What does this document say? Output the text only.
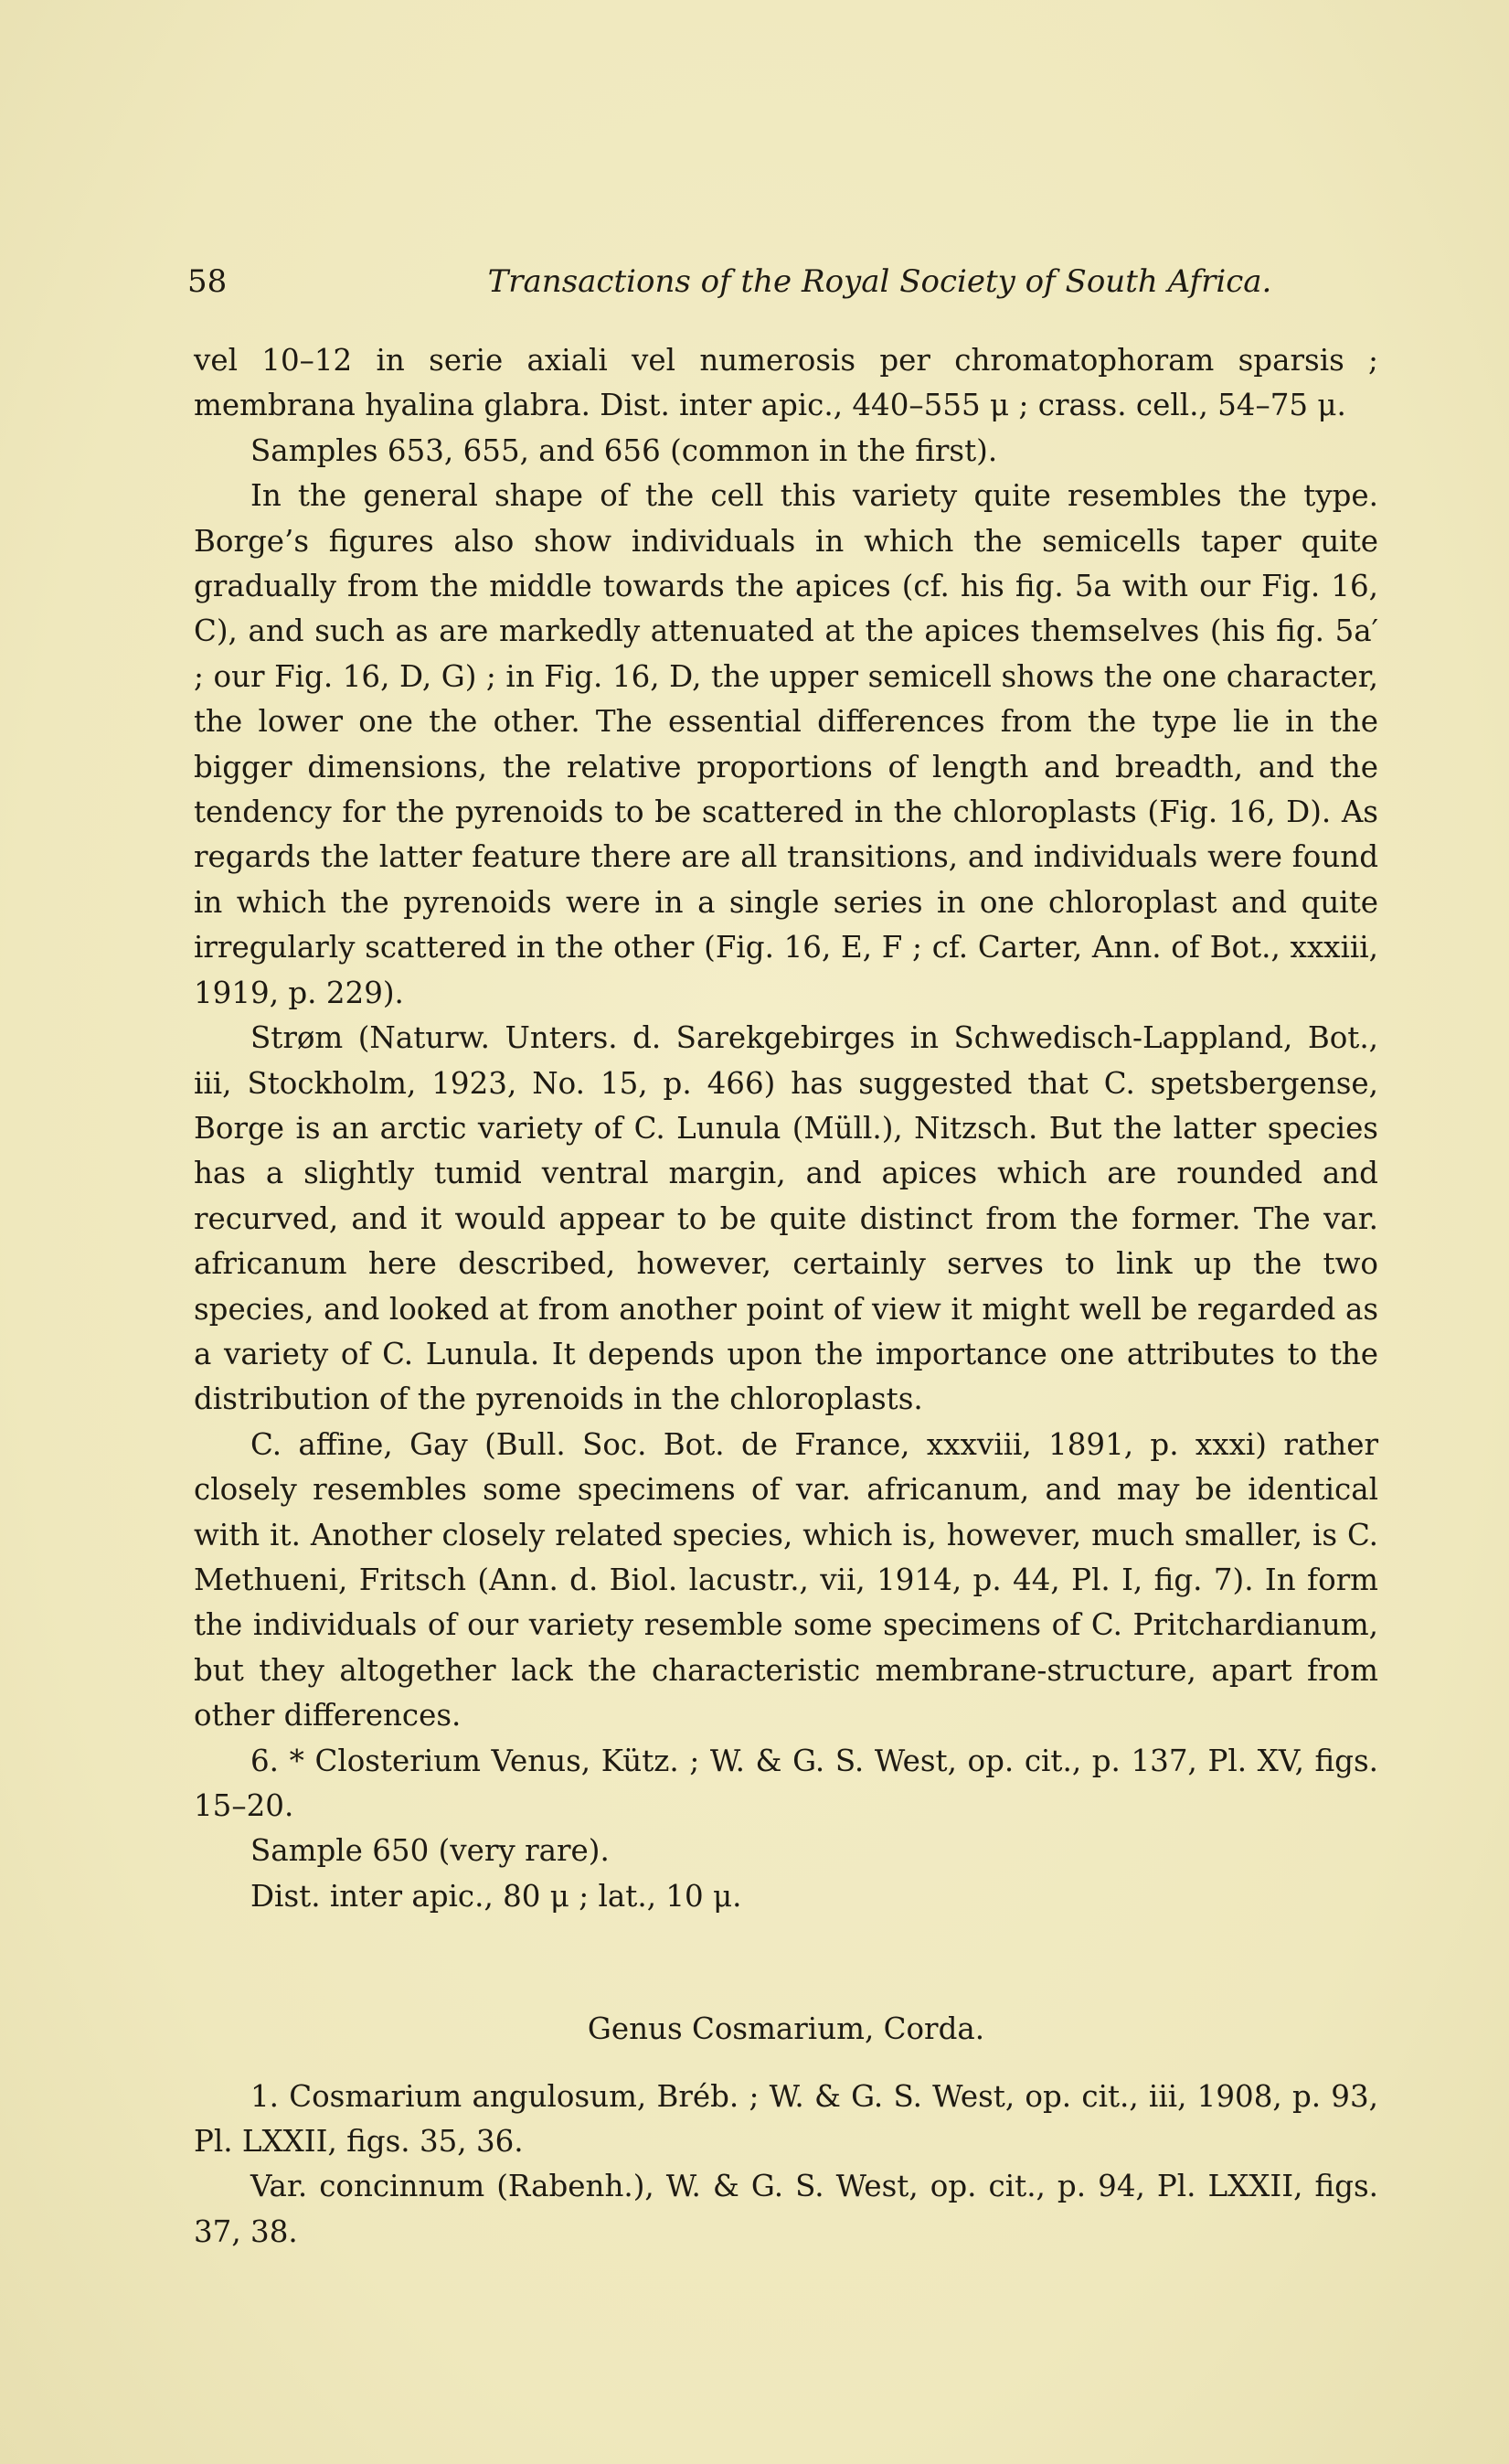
58	Transactions of the Royal Society of South Africa.

vel 10–12 in serie axiali vel numerosis per chromatophoram sparsis ; membrana hyalina glabra. Dist. inter apic., 440–555 μ ; crass. cell., 54–75 μ.

Samples 653, 655, and 656 (common in the first).

In the general shape of the cell this variety quite resembles the type. Borge’s figures also show individuals in which the semicells taper quite gradually from the middle towards the apices (cf. his fig. 5a with our Fig. 16, C), and such as are markedly attenuated at the apices themselves (his fig. 5a′ ; our Fig. 16, D, G) ; in Fig. 16, D, the upper semicell shows the one character, the lower one the other. The essential differences from the type lie in the bigger dimensions, the relative proportions of length and breadth, and the tendency for the pyrenoids to be scattered in the chloroplasts (Fig. 16, D). As regards the latter feature there are all transitions, and individuals were found in which the pyrenoids were in a single series in one chloroplast and quite irregularly scattered in the other (Fig. 16, E, F ; cf. Carter, Ann. of Bot., xxxiii, 1919, p. 229).

Strøm (Naturw. Unters. d. Sarekgebirges in Schwedisch-Lappland, Bot., iii, Stockholm, 1923, No. 15, p. 466) has suggested that C. spetsbergense, Borge is an arctic variety of C. Lunula (Müll.), Nitzsch. But the latter species has a slightly tumid ventral margin, and apices which are rounded and recurved, and it would appear to be quite distinct from the former. The var. africanum here described, however, certainly serves to link up the two species, and looked at from another point of view it might well be regarded as a variety of C. Lunula. It depends upon the importance one attributes to the distribution of the pyrenoids in the chloroplasts.

C. affine, Gay (Bull. Soc. Bot. de France, xxxviii, 1891, p. xxxi) rather closely resembles some specimens of var. africanum, and may be identical with it. Another closely related species, which is, however, much smaller, is C. Methueni, Fritsch (Ann. d. Biol. lacustr., vii, 1914, p. 44, Pl. I, fig. 7). In form the individuals of our variety resemble some specimens of C. Pritchardianum, but they altogether lack the characteristic membrane-structure, apart from other differences.

6. * Closterium Venus, Kütz. ; W. & G. S. West, op. cit., p. 137, Pl. XV, figs. 15–20.

Sample 650 (very rare).

Dist. inter apic., 80 μ ; lat., 10 μ.

Genus Cosmarium, Corda.

1. Cosmarium angulosum, Bréb. ; W. & G. S. West, op. cit., iii, 1908, p. 93, Pl. LXXII, figs. 35, 36.

Var. concinnum (Rabenh.), W. & G. S. West, op. cit., p. 94, Pl. LXXII, figs. 37, 38.
